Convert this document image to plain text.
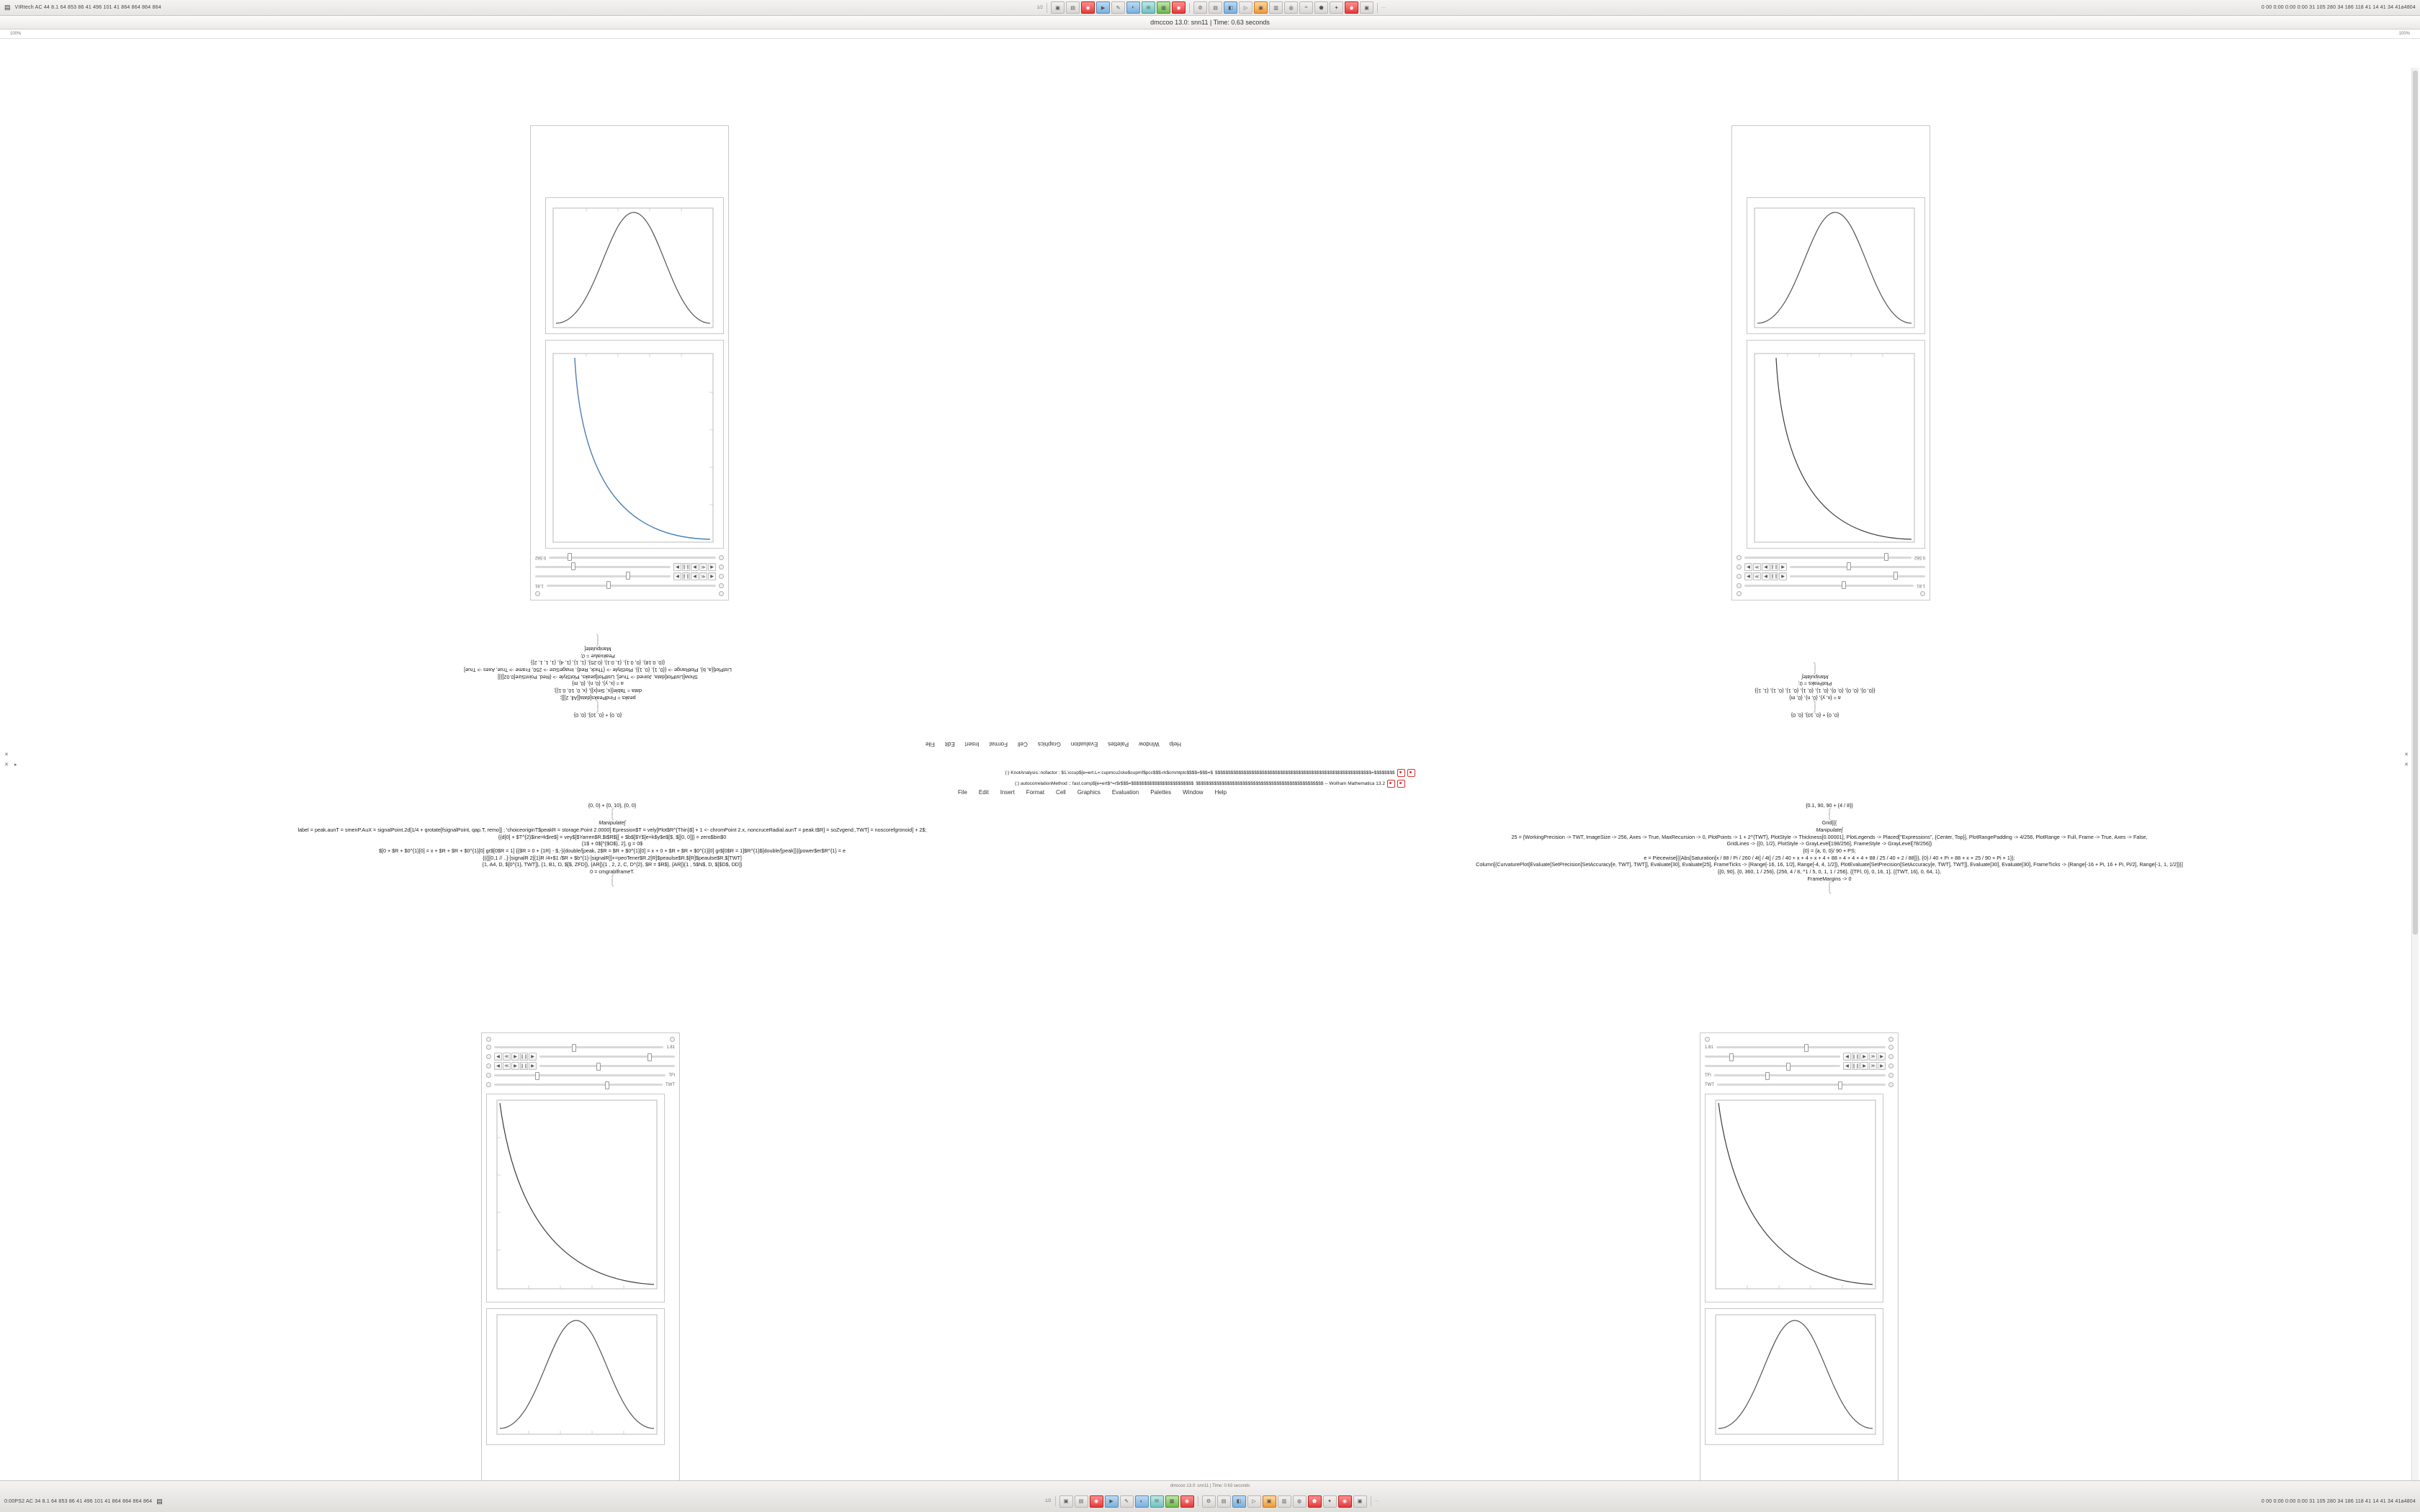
▤ VIRtech AC 44 8.1 64 853 86 41 496 101 41 864 864 864 864	1/2	▣	▤	◉	▶	✎	◐	✉	▦	◉	⚙	▤	◧	▷	▣	▥	◍	≈	⬟	✦	◉	▣	···	0 00 0:00 0:00 0:00 31 105 280 34 186 118 41 14 41 34 41a4804
dmccoo 13.0: snn11 | Time: 0.63 seconds
100%	100%
Help
Window
Palettes
Evaluation
Graphics
Cell
Format
Insert
Edit
File
File Edit Insert Format Cell Graphics Evaluation Palettes Window Help
{0, 0} + {0, 10}, {0, 0}
⎧
⎩
peaks = FindPeaks[data[[All, 2]]];
data = Table[{x, Sin[x]}, {x, 0, 10, 0.1}];
a = {x, y}, {0, n}, {0, m}
Show[ListPlot[data, Joined -> True], ListPlot[peaks, PlotStyle -> {Red, PointSize[0.02]}]]
ListPlot[{a, b}, PlotRange -> {{0, 1}, {0, 1}}, PlotStyle -> {Thick, Red}, ImageSize -> 250, Frame -> True, Axes -> True]
{(0, 0.18), {0, 0.1}, {1, 0.1}, {0.25}, {1, 1}, {1, 4}, {1, 1, 1, 2}}
Peakvalue = 0;
Manipulate[
⎧
⎩
1.81
◀
≪
▶
❙❙
▶
◀
≪
▶
❙❙
▶
0.562
{0, 0} + {0, 10}, {0, 0}
⎧
⎩
a = {x, y}, {0, n}, {0, m}
{{0, 0}, {0, 0}, {0, 0}, {0, 1}, {0, 1}, {0, 1}, {0, 1}, {1, 1}}
PlotPeaks = 0;
Manipulate[
⎧
⎩
1.81
◀
❙❙
▶
≫
▶
◀
❙❙
▶
≫
▶
0.562
(:) KnotAnalysis::nofactor : $1.\ccup$[e=ert.L=:cupmcu2cke$cupmf$pcc$$$-rk$cmmtptc$$$$=$$$=$ $$$$$$$$$$$$$$$$$$$$$$$$$$$$$$$$$$$$$$$$$$$$$$$$$$$$$$$$$$$$=$$$$$$$$
(:) autocorrelationMethod :: fast.comp$[e=ert$^=r$r$$$=$$$$$$$$$$$$$$$$$$$$$$$$ $$$$$$$$$$$$$$$$$$$$$$$$$$$$$$$$$$$$$$$$$$$$$$$$$ -- Wolfram Mathematica 13.2
{0, 0} + {0, 10}, {0, 0}
⎧
⎩
Manipulate[
label = peak.aunT = smenP.AuX = signalPoint.2d[1/4 + qrotate[fsignalPoint, qap.T, remo]] ; 'choiceoriginT$peakR = storage.Point 2.0000] Epression$T = vely[Plot$R^{Thin}$] + 1 <- chromPoint 2.x, noncruceRadial.aunT = peak.t$R] = soZvgend.,TWT] = noscorefgronoid] + 2$;
{{d[0] + $T^{2}$ine=k$re$] = vey$[$Yarren$R.$t$R$[[ + $b$[$Y$]e=k$y$e$[$, $[[0, 0]]} = zero$bin$0
{1$ + 0$[^{$O$}, 2], g = 0$
$[0 + $R + $0^{1}[0] = x + $R + $R + $0^{1}[0] gr$[0$R = 1] {{$R = 0 + {1R} - $,-}{double/[peak, 2$R = $R + $0^{1}[0] = x + 0 + $R + $R + $0^{1}[0] gr$[0$R = 1]$R^{1}$[double/[peak]}}[power$er$R^{1} = e
{({[[0,1 // ..]-]signalR 2[{1}R /4+$1 /$R + $b^{1}-]signalR]]+=peoTener$R.2[R]$peaulse$R.$[R]$peaulse$R.$[TWT]
{1, A4, D, $[0^{1}, TWT]}, {1, B1, D, $[$, ZFD]}, {AR[}{1 , 2, 2, C, D^{2}, $R = $R$}, {AR[}{1 , 5$N$, D, $[$D$, DD]}
0 = cmgrablframeT.
⎧
⎩
1.81
◀	≪	▶ ❙❙ ▶
◀	≪	▶ ❙❙ ▶
TFl
TWT
{0.1, 90, 90 + {4 / 8}}
⎧
⎩
Grid[{{
Manipulate[
25 = {WorkingPrecision -> TWT, ImageSize -> 256, Axes -> True, MaxRecursion -> 0, PlotPoints -> 1 + 2^{TWT}, PlotStyle -> Thickness[0.00001], PlotLegends -> Placed["Expressions", {Center, Top}], PlotRangePadding -> 4/256, PlotRange -> Full, Frame -> True, Axes -> False,
GridLines -> {{0, 1/2}, PlotStyle -> GrayLevel[198/256], FrameStyle -> GrayLevel[78/256]}
{0} = {a, 0, 0}/ 90 + PS;
e = Piecewise[{{Abs[Saturation[x / 88 / Pi / 260 / 4t] / 4t] / 25 / 40 + x + 4 + x + 4 + 88 + 4 + 4 + 4 + 88 / 25 / 40 + 2 / 88]}}, {0} / 40 + Pi + 88 + x + 25 / 90 + Pi + 1}};
Column[{CurvaturePlot[Evaluate[SetPrecision[SetAccuracy[e, TWT], TWT]], Evaluate[30], Evaluate[25], FrameTicks -> {Range[-16, 16, 1/2], Range[-4, 4, 1/2]}, PlotEvaluate[SetPrecision[SetAccuracy[e, TWT], TWT]], Evaluate[30], Evaluate[30], FrameTicks -> {Range[-16 + Pi, 16 + Pi, Pi/2], Range[-1, 1, 1/2]}}]
{{0, 90}, {0, 360, 1 / 256}, {256, 4 / 8, ^1 / 5, 0, 1, 1 / 256}, {{TFl, 0}, 0, 16, 1}, {{TWT, 16}, 0, 64, 1},
FrameMargins -> 0
⎧
⎩
1.81
◀ ❙❙ ▶	≫	▶
◀ ❙❙ ▶	≫	▶
TFl
TWT
✕
✕ ▸
✕
✕
dmccoo 13.0: snn11 | Time: 0.63 seconds
0:00PS2 AC 34 8.1 64 853 86 41 496 101 41 864 864 864 864 ▤	1/2	▣	▤	◉	▶	✎	◐	✉	▦	◉	⚙	▤	◧	▷	▣	▥	◍	⬟	✦	◉	▣	···	0 00 0:00 0:00 0:00 31 105 280 34 186 118 41 14 41 34 41a4804
